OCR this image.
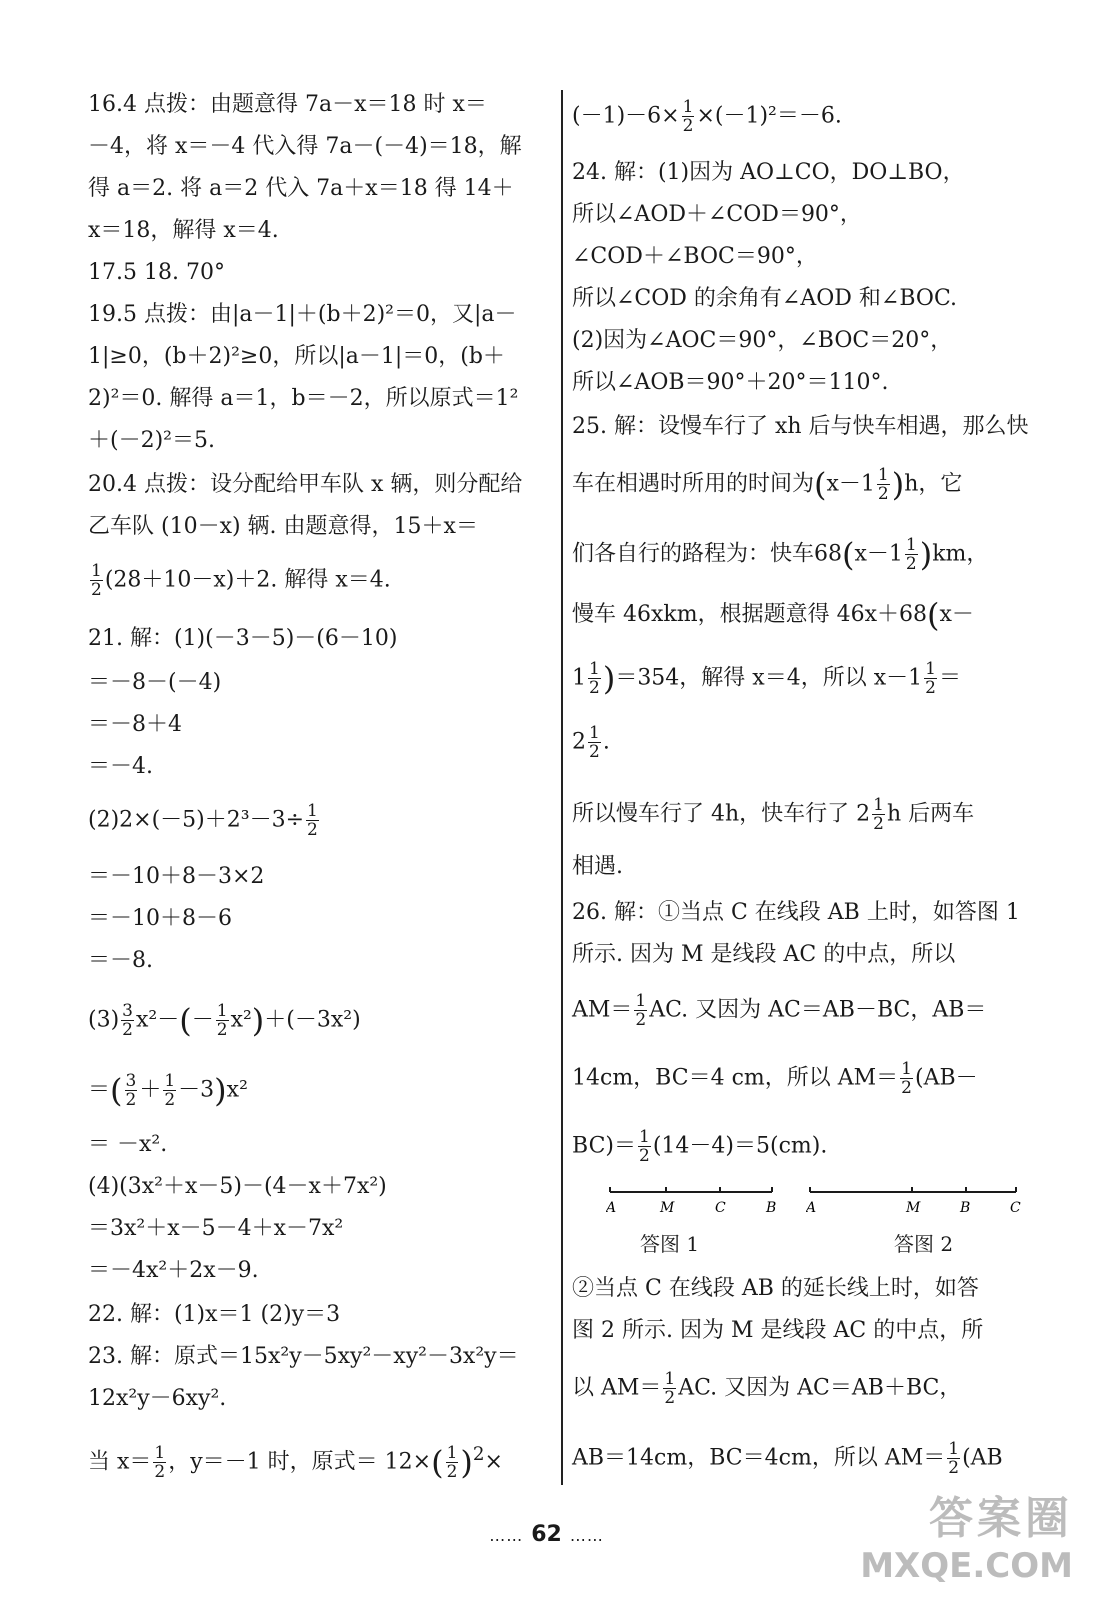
16.4 点拨：由题意得 7a－x＝18 时 x＝
－4，将 x＝－4 代入得 7a－(－4)＝18，解
得 a＝2. 将 a＝2 代入 7a＋x＝18 得 14＋
x＝18，解得 x＝4.
17.5 18. 70°
19.5 点拨：由|a－1|＋(b＋2)²＝0，又|a－
1|≥0，(b＋2)²≥0，所以|a－1|＝0，(b＋
2)²＝0. 解得 a＝1，b＝－2，所以原式＝1²
＋(－2)²＝5.
20.4 点拨：设分配给甲车队 x 辆，则分配给
乙车队 (10－x) 辆. 由题意得，15＋x＝
$\frac{1}{2} (28+10-x)+2$. 解得 x＝4.
21. 解：(1)(－3－5)－(6－10)
＝－8－(－4)
＝－8＋4
＝－4.
$(2)2\times(-5)+2^3-3\div \frac{1}{2}$
＝－10＋8－3×2
＝－10＋8－6
＝－8.
$(3) \frac{3}{2} x^2-(- \frac{1}{2} x^2)+(-3x^2)$
＝( $\frac{3}{2} + \frac{1}{2} -3)x^2$
＝ －x².
(4)(3x²＋x－5)－(4－x＋7x²)
＝3x²＋x－5－4＋x－7x²
＝－4x²＋2x－9.
22. 解：(1)x＝1 (2)y＝3
23. 解：原式＝15x²y－5xy²－xy²－3x²y＝
12x²y－6xy².
当 $x= \frac{1}{2}$ ，y＝－1 时，原式＝ $12\times( \frac{1}{2} )^2\times$
$(-1)-6\times \frac{1}{2} \times(-1)^2=-6$.
24. 解：(1)因为 AO⊥CO，DO⊥BO，
所以∠AOD＋∠COD＝90°，
∠COD＋∠BOC＝90°，
所以∠COD 的余角有∠AOD 和∠BOC.
(2)因为∠AOC＝90°，∠BOC＝20°，
所以∠AOB＝90°＋20°＝110°.
25. 解：设慢车行了 xh 后与快车相遇，那么快
车在相遇时所用的时间为$(x-1 \frac{1}{2} )h$，它
们各自行的路程为：快车$68(x-1 \frac{1}{2} )km$，
慢车 46xkm，根据题意得 46x＋68(x－
$1 \frac{1}{2} )=354$，解得 x＝4，所以 $x-1 \frac{1}{2}$ ＝
$2 \frac{1}{2}$ .
所以慢车行了 4h，快车行了 $2 \frac{1}{2}$ h 后两车
相遇.
26. 解：①当点 C 在线段 AB 上时，如答图 1
所示. 因为 M 是线段 AC 的中点，所以
$AM= \frac{1}{2}$ AC. 又因为 AC＝AB－BC，AB＝
14cm，BC＝4 cm，所以 $AM= \frac{1}{2} (AB-$
$BC)= \frac{1}{2} (14-4)=5(cm)$.
A	M	C	B
答图 1
A	M	B	C
答图 2
②当点 C 在线段 AB 的延长线上时，如答
图 2 所示. 因为 M 是线段 AC 的中点，所
以 $AM= \frac{1}{2}$ AC. 又因为 AC＝AB＋BC，
AB＝14cm，BC＝4cm，所以 $AM= \frac{1}{2} (AB$
…… 62 ……	答案圈
MXQE.COM
